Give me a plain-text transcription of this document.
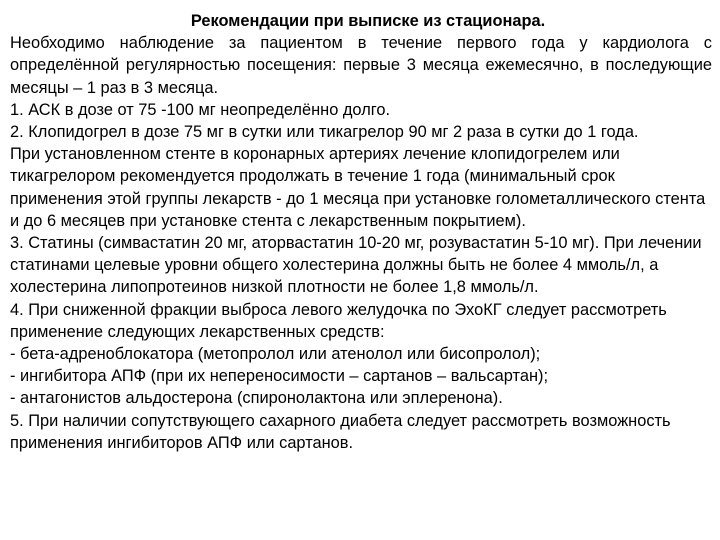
Рекомендации при выписке из стационара.

Необходимо наблюдение за пациентом в течение первого года у кардиолога с определённой регулярностью посещения: первые 3 месяца ежемесячно, в последующие месяцы – 1 раз в 3 месяца.

1. АСК в дозе от 75 -100 мг неопределённо долго.

2. Клопидогрел в дозе 75 мг в сутки или тикагрелор 90 мг 2 раза в сутки до 1 года.

При установленном стенте в коронарных артериях лечение клопидогрелем или тикагрелором рекомендуется продолжать в течение 1 года (минимальный срок применения этой группы лекарств - до 1 месяца при установке голометаллического стента и до 6 месяцев при установке стента с лекарственным покрытием).

3. Статины (симвастатин 20 мг, аторвастатин 10-20 мг, розувастатин 5-10 мг). При лечении статинами целевые уровни общего холестерина должны быть не более 4 ммоль/л, а холестерина липопротеинов низкой плотности не более 1,8 ммоль/л.

4. При сниженной фракции выброса левого желудочка по ЭхоКГ следует рассмотреть применение следующих лекарственных средств:

- бета-адреноблокатора (метопролол или атенолол или бисопролол);

- ингибитора АПФ (при их непереносимости – сартанов – вальсартан);

- антагонистов альдостерона (спиронолактона или эплеренона).

5. При наличии сопутствующего сахарного диабета следует рассмотреть возможность применения ингибиторов АПФ или сартанов.
